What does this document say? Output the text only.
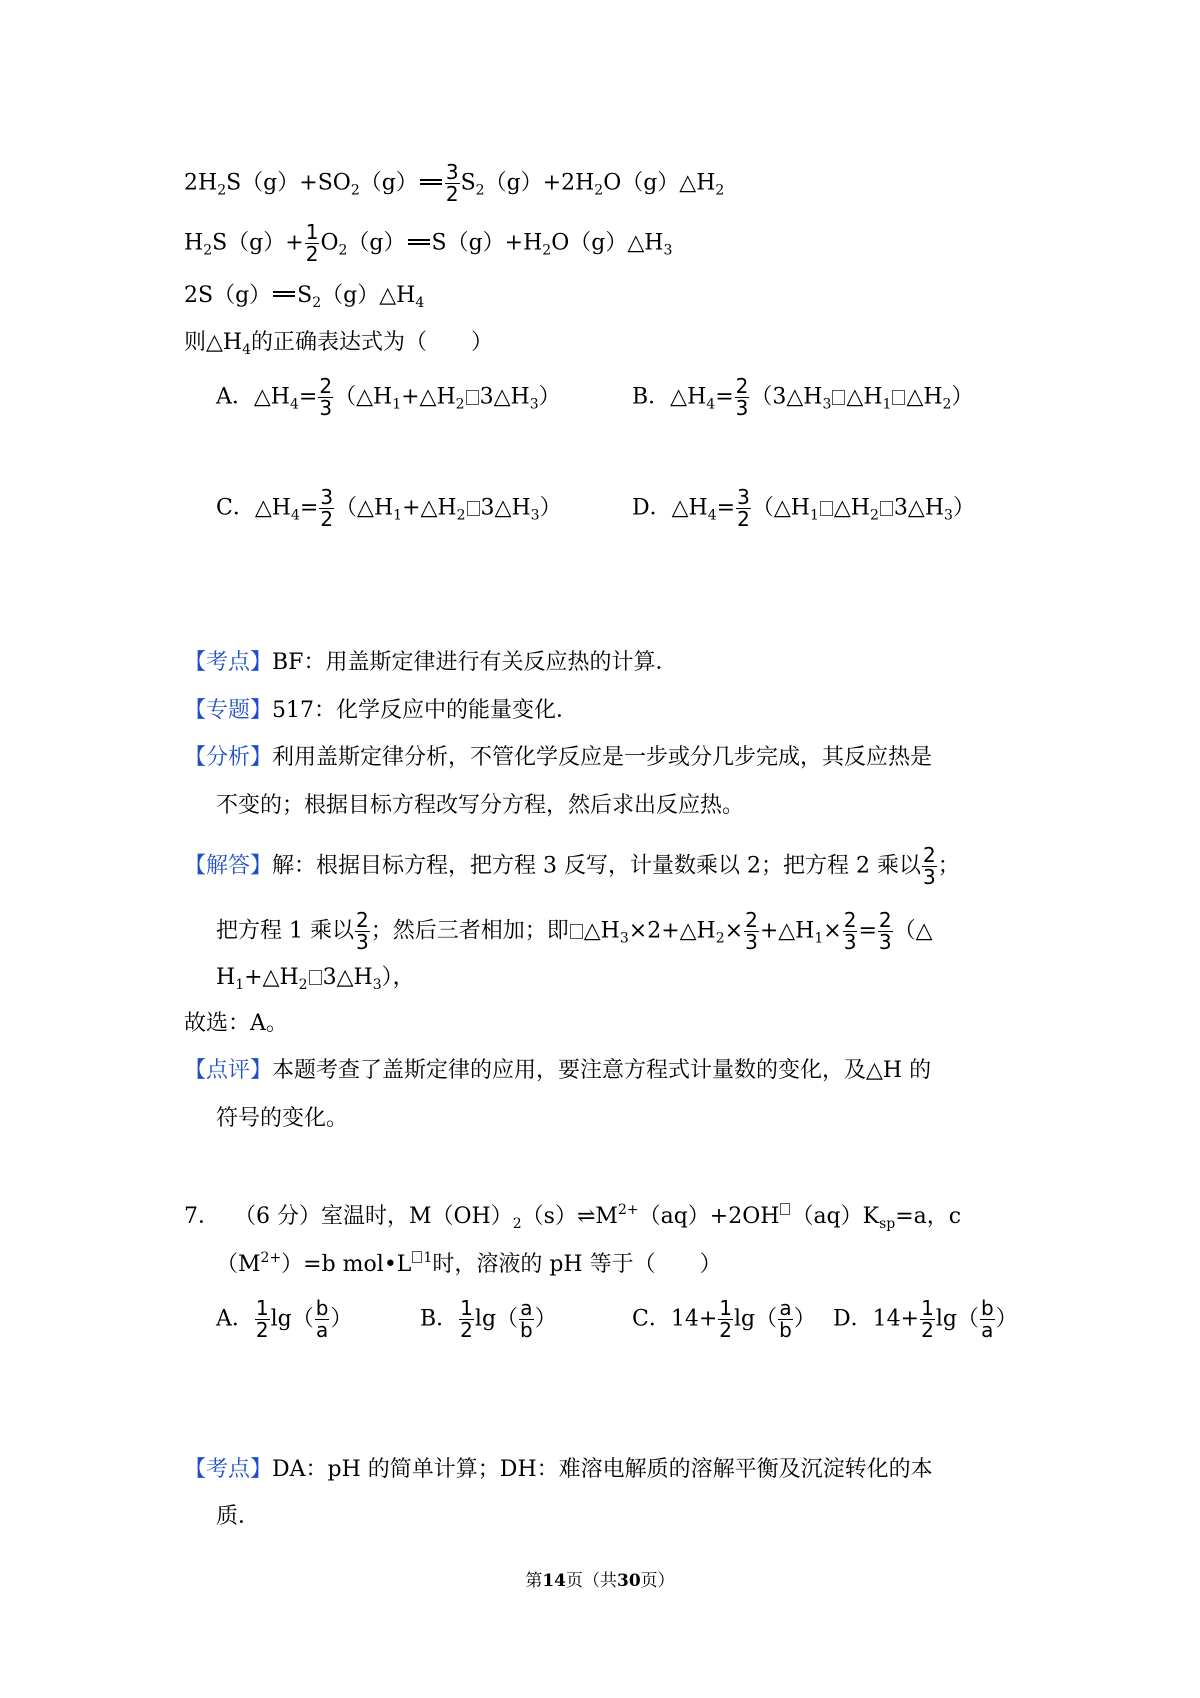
$2H_2S(g)+SO_2(g) \frac{3}{2}$ $S_2(g)+2H_2O(g)\triangle H_2$
$H_2S(g)+ \frac{1}{2} O_2(g)$ $S(g)+H_2O(g)\triangle H_3$
2S（g） $S_2(g)\triangle H_4$
则$\triangle H_4$的正确表达式为（　　）
A．$\triangle H_4= \frac{2}{3}$ （$\triangle H_1+\triangle H_2$ $3\triangle H_3$）	B．$\triangle H_4= \frac{2}{3}$ （$3\triangle H_3$ $\triangle H_1$ $\triangle H_2$）
C．$\triangle H_4= \frac{3}{2}$ （$\triangle H_1+\triangle H_2$ $3\triangle H_3$）	D．$\triangle H_4= \frac{3}{2}$ （$\triangle H_1$ $\triangle H_2$ $3\triangle H_3$）
【考点】BF：用盖斯定律进行有关反应热的计算．
【专题】517：化学反应中的能量变化．
【分析】利用盖斯定律分析，不管化学反应是一步或分几步完成，其反应热是
不变的；根据目标方程改写分方程，然后求出反应热。
【解答】解：根据目标方程，把方程 3 反写，计量数乘以 2；把方程 2 乘以 $\frac{2}{3}$ ；
把方程 1 乘以 $\frac{2}{3}$ ；然后三者相加；即 $\triangle H_3\times 2+\triangle H_2\times \frac{2}{3}$ $+\triangle H_1\times \frac{2}{3} = \frac{2}{3}$ （△
$H_1+\triangle H_2$ $3\triangle H_3$），
故选：A。
【点评】本题考查了盖斯定律的应用，要注意方程式计量数的变化，及△H 的
符号的变化。
7． （6 分）室温时，$M(OH)_2(s)\rightleftharpoons M^{2+}(aq)+2OH$ $(aq)K_{sp}=a$，c
$(M^{2+})=b$ mol•L $^1$时，溶液的 pH 等于（　　）
A． $\frac{1}{2} \lg( \frac{b}{a}$ ）	B． $\frac{1}{2} \lg( \frac{a}{b}$ ）	C．$14+ \frac{1}{2} \lg( \frac{a}{b}$ ） D．$14+ \frac{1}{2} \lg( \frac{b}{a}$ ）
【考点】DA：pH 的简单计算；DH：难溶电解质的溶解平衡及沉淀转化的本
质．
第14页（共30页）
